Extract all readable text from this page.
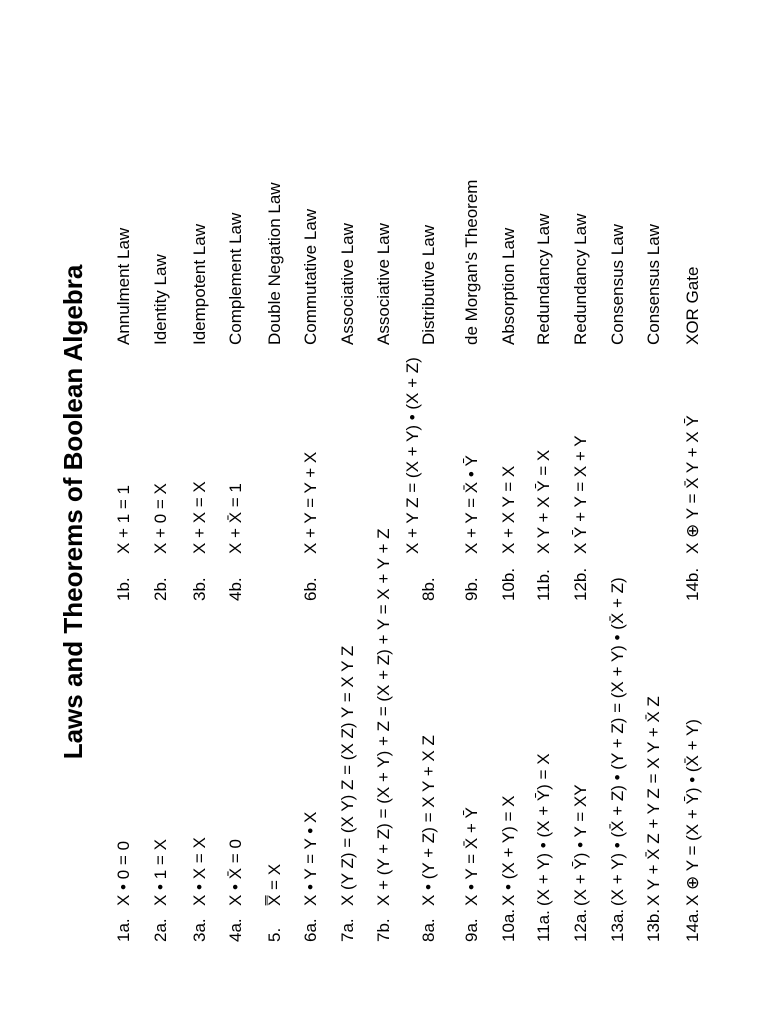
Laws and Theorems of Boolean Algebra
1a.
X • 0 = 0
1b.
X + 1 = 1
Annulment Law
2a.
X • 1 = X
2b.
X + 0 = X
Identity Law
3a.
X • X = X
3b.
X + X = X
Idempotent Law
4a.
X • X̄ = 0
4b.
X + X̄ = 1
Complement Law
5.
X̿ = X
Double Negation Law
6a.
X • Y = Y • X
6b.
X + Y = Y + X
Commutative Law
7a.
X (Y Z) = (X Y) Z = (X Z) Y = X Y Z
Associative Law
7b.
X + (Y + Z) = (X + Y) + Z = (X + Z) + Y = X + Y + Z
Associative Law
8a.
X • (Y + Z) = X Y + X Z
8b.
X + Y Z = (X + Y) • (X + Z)
Distributive Law
9a.
X • Y = X̄ + Ȳ
9b.
X + Y = X̄ • Ȳ
de Morgan's Theorem
10a.
X • (X + Y) = X
10b.
X + X Y = X
Absorption Law
11a.
(X + Y) • (X + Ȳ) = X
11b.
X Y + X Ȳ = X
Redundancy Law
12a.
(X + Ȳ) • Y = XY
12b.
X Ȳ + Y = X + Y
Redundancy Law
13a.
(X + Y) • (X̄ + Z) • (Y + Z) = (X + Y) • (X̄ + Z)
Consensus Law
13b.
X Y + X̄ Z + Y Z = X Y + X̄ Z
Consensus Law
14a.
X ⊕ Y = (X + Ȳ) • (X̄ + Y)
14b.
X ⊕ Y = X̄ Y + X Ȳ
XOR Gate
